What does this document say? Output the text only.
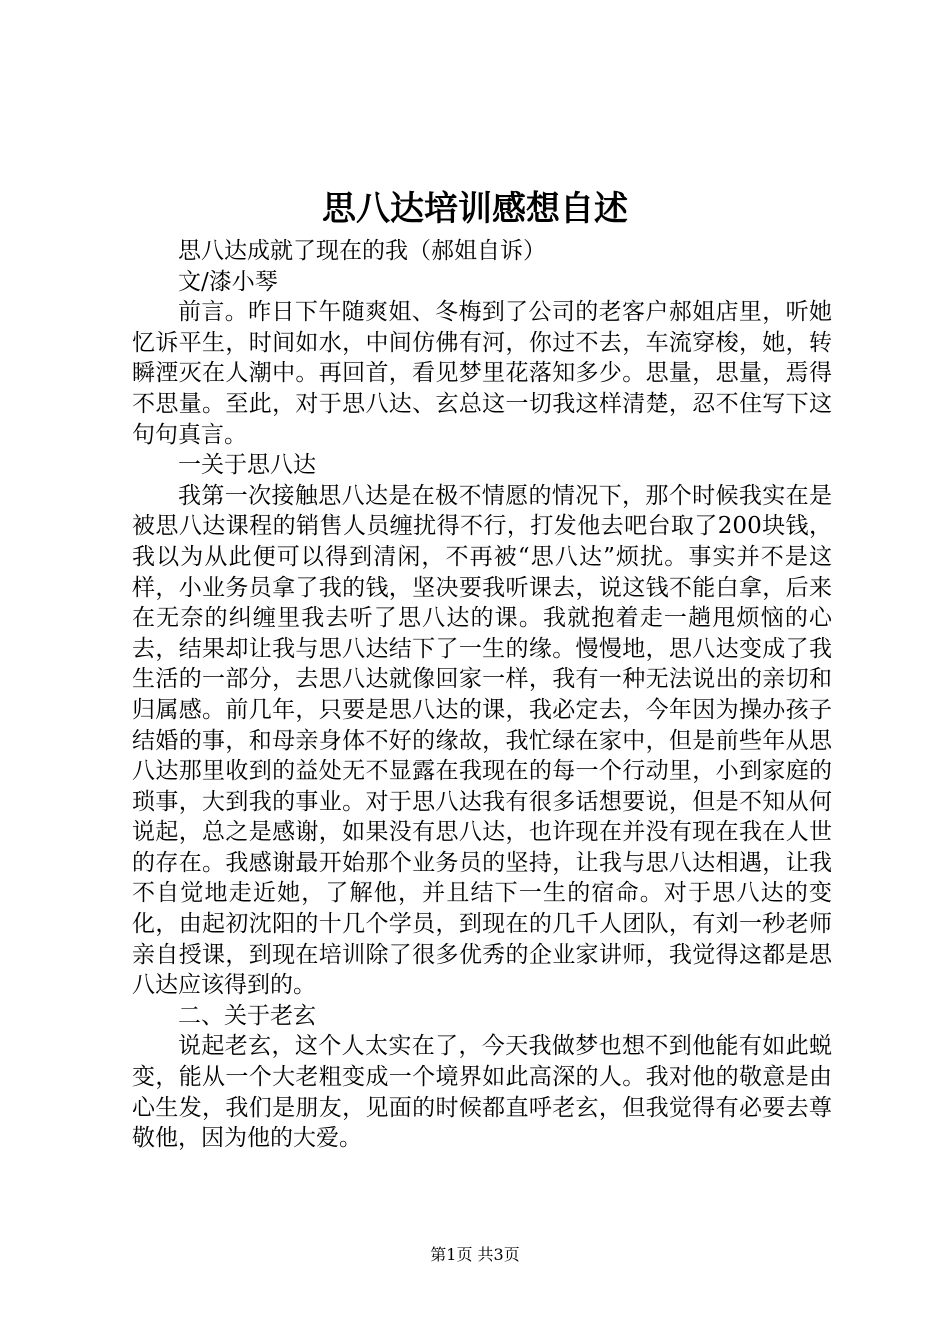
思八达培训感想自述

思八达成就了现在的我（郝姐自诉）

文/漆小琴

前言。昨日下午随爽姐、冬梅到了公司的老客户郝姐店里，听她忆诉平生，时间如水，中间仿佛有河，你过不去，车流穿梭，她，转瞬湮灭在人潮中。再回首，看见梦里花落知多少。思量，思量，焉得不思量。至此，对于思八达、玄总这一切我这样清楚，忍不住写下这句句真言。

一关于思八达

我第一次接触思八达是在极不情愿的情况下，那个时候我实在是被思八达课程的销售人员缠扰得不行，打发他去吧台取了200块钱，我以为从此便可以得到清闲，不再被“思八达”烦扰。事实并不是这样，小业务员拿了我的钱，坚决要我听课去，说这钱不能白拿，后来在无奈的纠缠里我去听了思八达的课。我就抱着走一趟甩烦恼的心去，结果却让我与思八达结下了一生的缘。慢慢地，思八达变成了我生活的一部分，去思八达就像回家一样，我有一种无法说出的亲切和归属感。前几年，只要是思八达的课，我必定去，今年因为操办孩子结婚的事，和母亲身体不好的缘故，我忙绿在家中，但是前些年从思八达那里收到的益处无不显露在我现在的每一个行动里，小到家庭的琐事，大到我的事业。对于思八达我有很多话想要说，但是不知从何说起，总之是感谢，如果没有思八达，也许现在并没有现在我在人世的存在。我感谢最开始那个业务员的坚持，让我与思八达相遇，让我不自觉地走近她，了解他，并且结下一生的宿命。对于思八达的变化，由起初沈阳的十几个学员，到现在的几千人团队，有刘一秒老师亲自授课，到现在培训除了很多优秀的企业家讲师，我觉得这都是思八达应该得到的。

二、关于老玄

说起老玄，这个人太实在了，今天我做梦也想不到他能有如此蜕变，能从一个大老粗变成一个境界如此高深的人。我对他的敬意是由心生发，我们是朋友，见面的时候都直呼老玄，但我觉得有必要去尊敬他，因为他的大爱。

第1页 共3页
